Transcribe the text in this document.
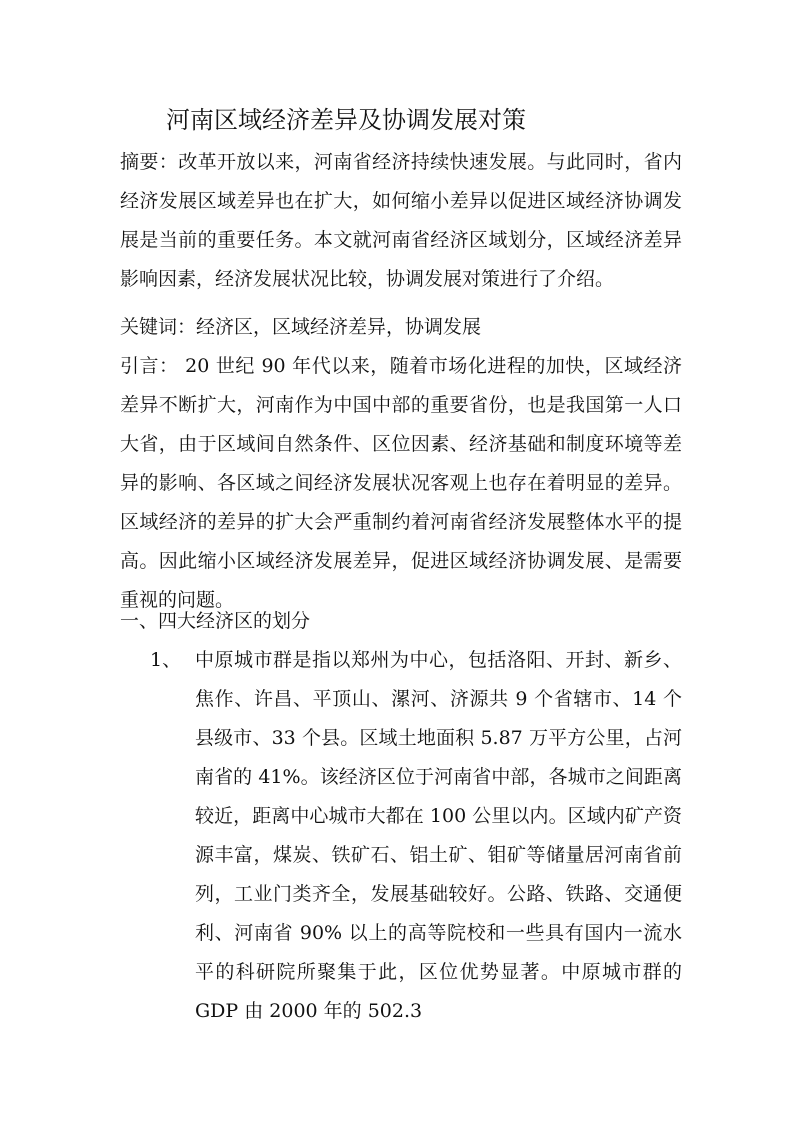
河南区域经济差异及协调发展对策

摘要：改革开放以来，河南省经济持续快速发展。与此同时，省内经济发展区域差异也在扩大，如何缩小差异以促进区域经济协调发展是当前的重要任务。本文就河南省经济区域划分，区域经济差异影响因素，经济发展状况比较，协调发展对策进行了介绍。

关键词：经济区，区域经济差异，协调发展

引言： 20 世纪 90 年代以来，随着市场化进程的加快，区域经济差异不断扩大，河南作为中国中部的重要省份，也是我国第一人口大省，由于区域间自然条件、区位因素、经济基础和制度环境等差异的影响、各区域之间经济发展状况客观上也存在着明显的差异。区域经济的差异的扩大会严重制约着河南省经济发展整体水平的提高。因此缩小区域经济发展差异，促进区域经济协调发展、是需要重视的问题。

一、四大经济区的划分
1、 中原城市群是指以郑州为中心，包括洛阳、开封、新乡、焦作、许昌、平顶山、漯河、济源共 9 个省辖市、14 个县级市、33 个县。区域土地面积 5.87 万平方公里，占河南省的 41%。该经济区位于河南省中部，各城市之间距离较近，距离中心城市大都在 100 公里以内。区域内矿产资源丰富，煤炭、铁矿石、铝土矿、钼矿等储量居河南省前列，工业门类齐全，发展基础较好。公路、铁路、交通便利、河南省 90% 以上的高等院校和一些具有国内一流水平的科研院所聚集于此，区位优势显著。中原城市群的 GDP 由 2000 年的 502.3
